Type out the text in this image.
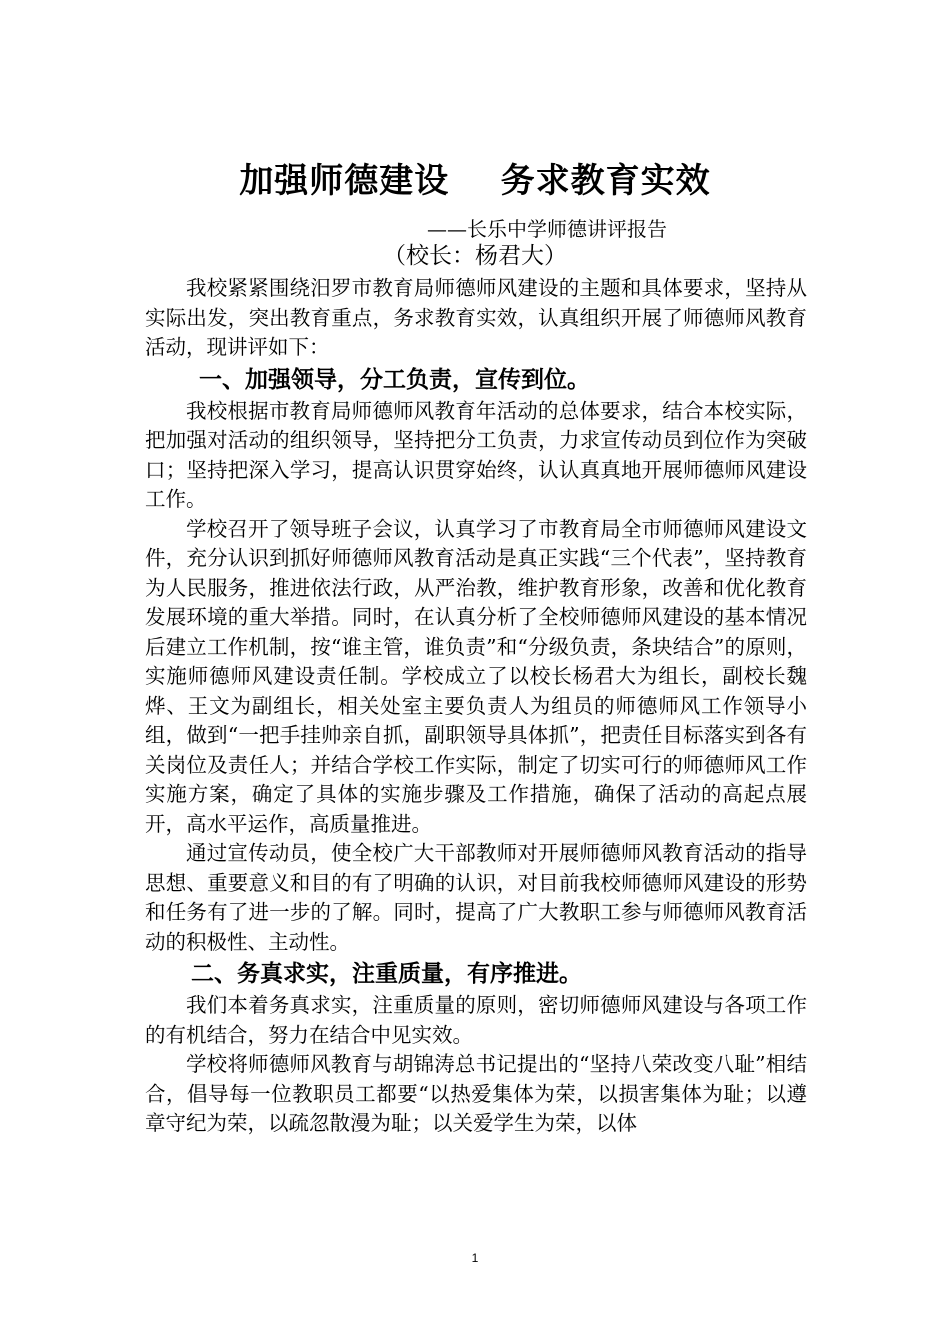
加强师德建设    务求教育实效
——长乐中学师德讲评报告
（校长：杨君大）

我校紧紧围绕汨罗市教育局师德师风建设的主题和具体要求，坚持从实际出发，突出教育重点，务求教育实效，认真组织开展了师德师风教育活动，现讲评如下：

一、加强领导，分工负责，宣传到位。

我校根据市教育局师德师风教育年活动的总体要求，结合本校实际，把加强对活动的组织领导，坚持把分工负责，力求宣传动员到位作为突破口；坚持把深入学习，提高认识贯穿始终，认认真真地开展师德师风建设工作。

学校召开了领导班子会议，认真学习了市教育局全市师德师风建设文件，充分认识到抓好师德师风教育活动是真正实践“三个代表”，坚持教育为人民服务，推进依法行政，从严治教，维护教育形象，改善和优化教育发展环境的重大举措。同时，在认真分析了全校师德师风建设的基本情况后建立工作机制，按“谁主管，谁负责”和“分级负责，条块结合”的原则，实施师德师风建设责任制。学校成立了以校长杨君大为组长，副校长魏烨、王文为副组长，相关处室主要负责人为组员的师德师风工作领导小组，做到“一把手挂帅亲自抓，副职领导具体抓”，把责任目标落实到各有关岗位及责任人；并结合学校工作实际，制定了切实可行的师德师风工作实施方案，确定了具体的实施步骤及工作措施，确保了活动的高起点展开，高水平运作，高质量推进。

通过宣传动员，使全校广大干部教师对开展师德师风教育活动的指导思想、重要意义和目的有了明确的认识，对目前我校师德师风建设的形势和任务有了进一步的了解。同时，提高了广大教职工参与师德师风教育活动的积极性、主动性。

二、务真求实，注重质量，有序推进。

我们本着务真求实，注重质量的原则，密切师德师风建设与各项工作的有机结合，努力在结合中见实效。

学校将师德师风教育与胡锦涛总书记提出的“坚持八荣改变八耻”相结合，倡导每一位教职员工都要“以热爱集体为荣，以损害集体为耻；以遵章守纪为荣，以疏忽散漫为耻；以关爱学生为荣，以体

1
